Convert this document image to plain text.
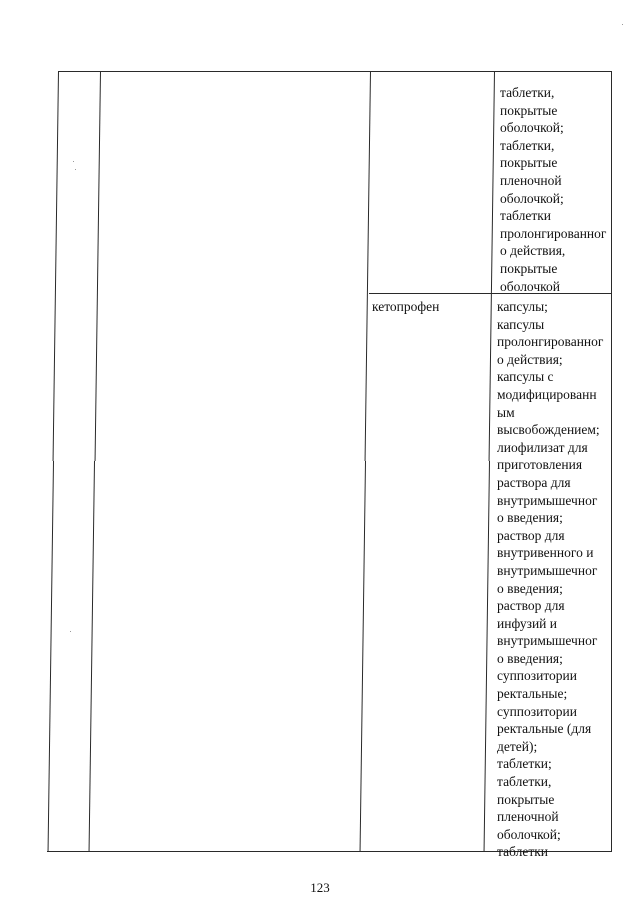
таблетки,
покрытые
оболочкой;
таблетки,
покрытые
пленочной
оболочкой;
таблетки
пролонгированног
о действия,
покрытые
оболочкой
кетопрофен	капсулы;
капсулы
пролонгированног
о действия;
капсулы с
модифицированн
ым
высвобождением;
лиофилизат для
приготовления
раствора для
внутримышечног
о введения;
раствор для
внутривенного и
внутримышечног
о введения;
раствор для
инфузий и
внутримышечног
о введения;
суппозитории
ректальные;
суппозитории
ректальные (для
детей);
таблетки;
таблетки,
покрытые
пленочной
оболочкой;
таблетки
123
